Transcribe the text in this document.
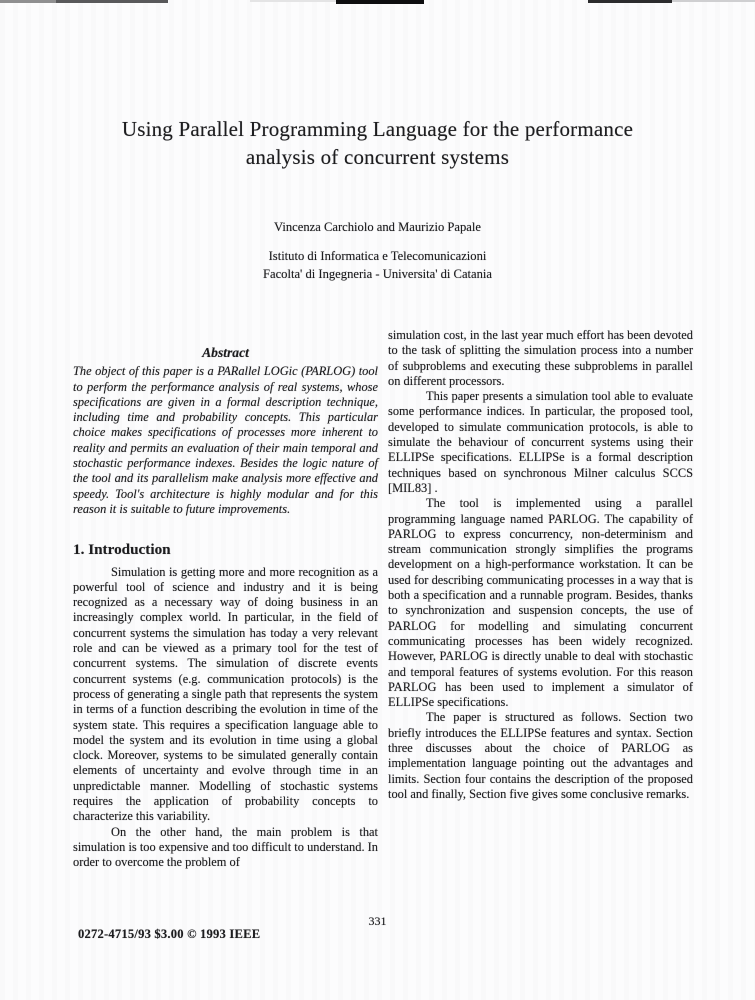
Using Parallel Programming Language for the performance
analysis of concurrent systems
Vincenza Carchiolo and Maurizio Papale
Istituto di Informatica e Telecomunicazioni
Facolta' di Ingegneria - Universita' di Catania
Abstract

The object of this paper is a PARallel LOGic (PARLOG) tool to perform the performance analysis of real systems, whose specifications are given in a formal description technique, including time and probability concepts. This particular choice makes specifications of processes more inherent to reality and permits an evaluation of their main temporal and stochastic performance indexes. Besides the logic nature of the tool and its parallelism make analysis more effective and speedy. Tool's architecture is highly modular and for this reason it is suitable to future improvements.

1. Introduction

Simulation is getting more and more recognition as a powerful tool of science and industry and it is being recognized as a necessary way of doing business in an increasingly complex world. In particular, in the field of concurrent systems the simulation has today a very relevant role and can be viewed as a primary tool for the test of concurrent systems. The simulation of discrete events concurrent systems (e.g. communication protocols) is the process of generating a single path that represents the system in terms of a function describing the evolution in time of the system state. This requires a specification language able to model the system and its evolution in time using a global clock. Moreover, systems to be simulated generally contain elements of uncertainty and evolve through time in an unpredictable manner. Modelling of stochastic systems requires the application of probability concepts to characterize this variability.

On the other hand, the main problem is that simulation is too expensive and too difficult to understand. In order to overcome the problem of

simulation cost, in the last year much effort has been devoted to the task of splitting the simulation process into a number of subproblems and executing these subproblems in parallel on different processors.

This paper presents a simulation tool able to evaluate some performance indices. In particular, the proposed tool, developed to simulate communication protocols, is able to simulate the behaviour of concurrent systems using their ELLIPSe specifications. ELLIPSe is a formal description techniques based on synchronous Milner calculus SCCS [MIL83] .

The tool is implemented using a parallel programming language named PARLOG. The capability of PARLOG to express concurrency, non-determinism and stream communication strongly simplifies the programs development on a high-performance workstation. It can be used for describing communicating processes in a way that is both a specification and a runnable program. Besides, thanks to synchronization and suspension concepts, the use of PARLOG for modelling and simulating concurrent communicating processes has been widely recognized. However, PARLOG is directly unable to deal with stochastic and temporal features of systems evolution. For this reason PARLOG has been used to implement a simulator of ELLIPSe specifications.

The paper is structured as follows. Section two briefly introduces the ELLIPSe features and syntax. Section three discusses about the choice of PARLOG as implementation language pointing out the advantages and limits. Section four contains the description of the proposed tool and finally, Section five gives some conclusive remarks.

331
0272-4715/93 $3.00 © 1993 IEEE
